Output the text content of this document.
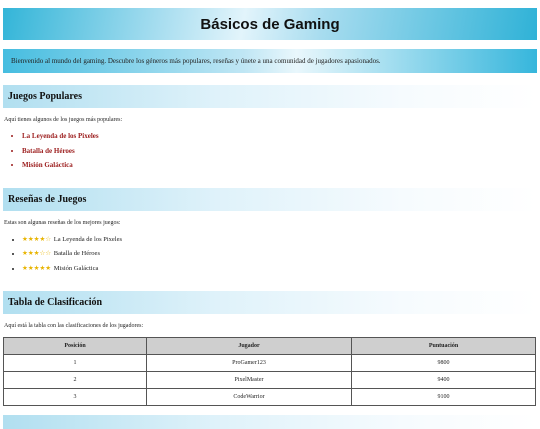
Básicos de Gaming
Bienvenido al mundo del gaming. Descubre los géneros más populares, reseñas y únete a una comunidad de jugadores apasionados.
Juegos Populares

Aquí tienes algunos de los juegos más populares:

• La Leyenda de los Pixeles
• Batalla de Héroes
• Misión Galáctica
Reseñas de Juegos

Estas son algunas reseñas de los mejores juegos:

• ★★★★☆ La Leyenda de los Pixeles
• ★★★☆☆ Batalla de Héroes
• ★★★★★ Misión Galáctica
Tabla de Clasificación

Aquí está la tabla con las clasificaciones de los jugadores:

Posición	Jugador	Puntuación
1	ProGamer123	9800
2	PixelMaster	9400
3	CodeWarrior	9100
